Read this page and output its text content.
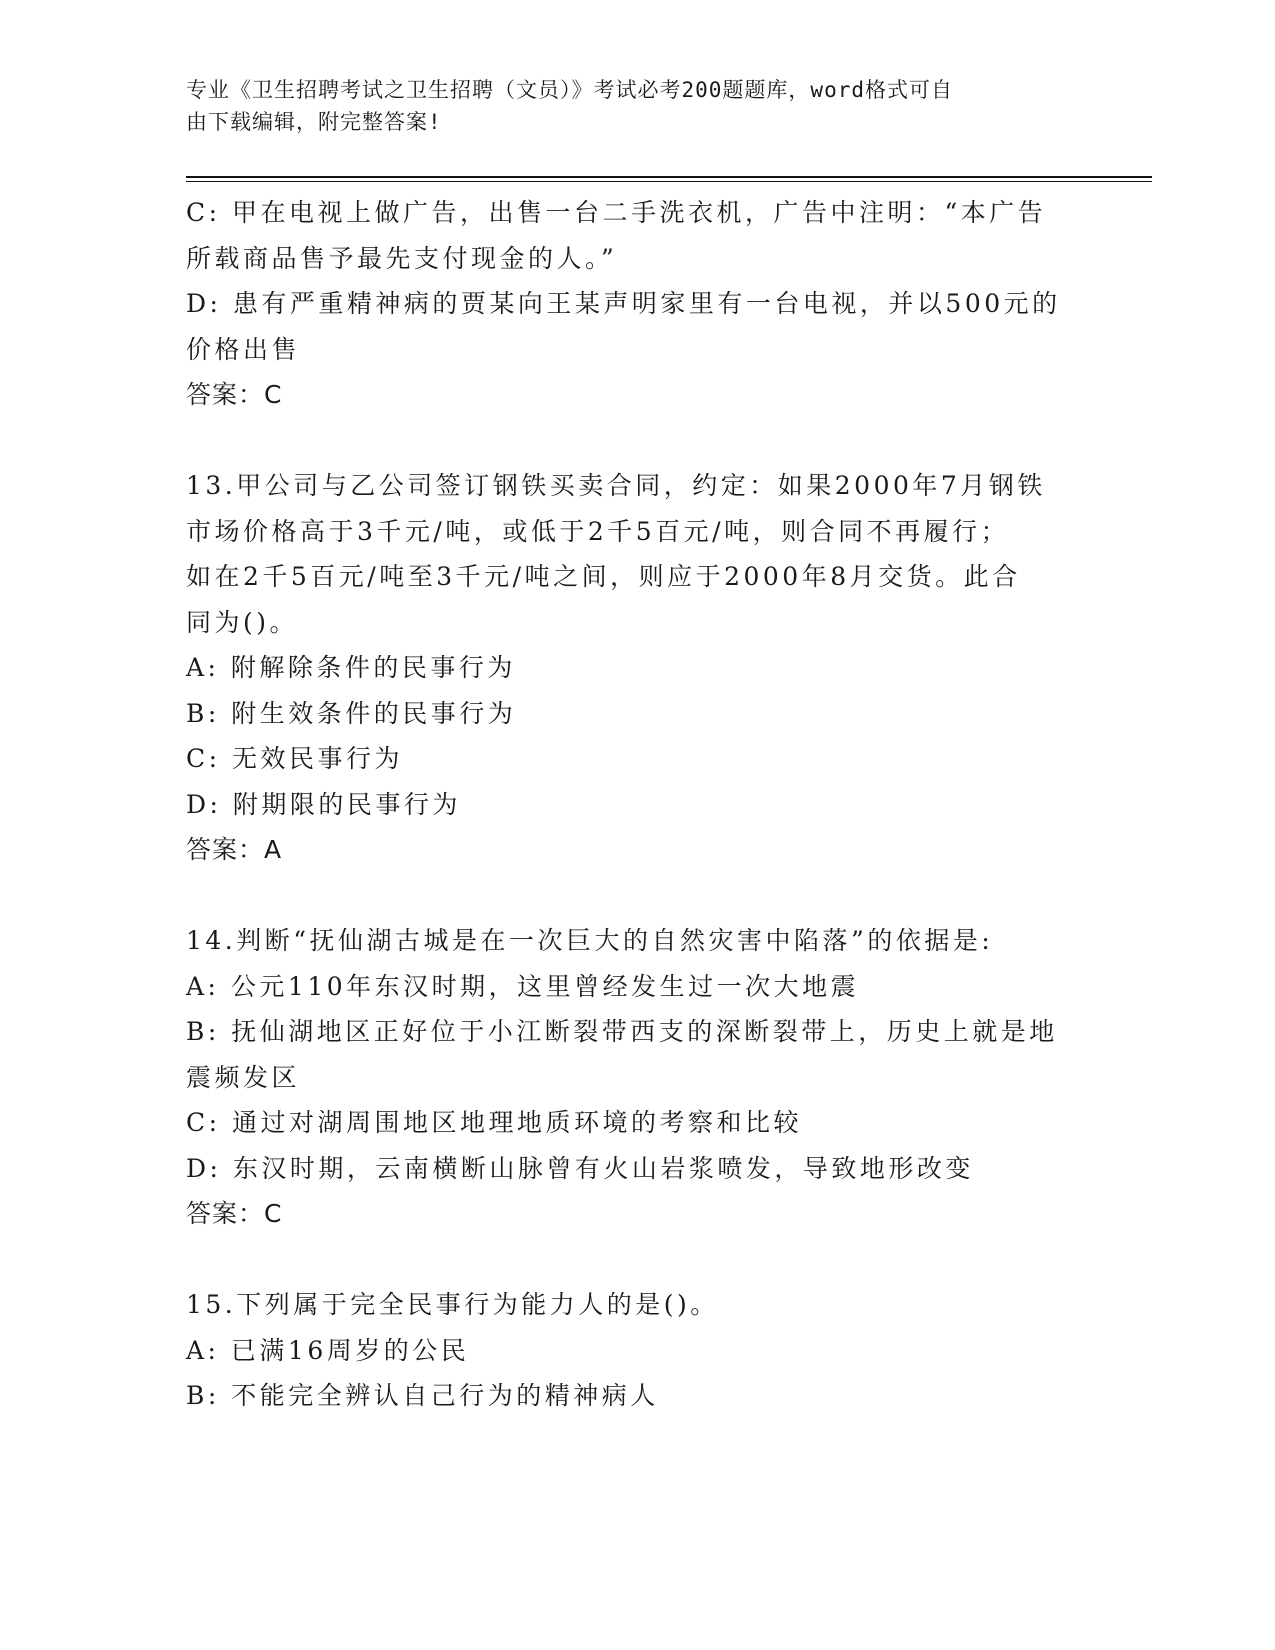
专业《卫生招聘考试之卫生招聘（文员）》考试必考200题题库，word格式可自
由下载编辑，附完整答案!
C: 甲在电视上做广告，出售一台二手洗衣机，广告中注明：“本广告
所载商品售予最先支付现金的人。”
D: 患有严重精神病的贾某向王某声明家里有一台电视，并以500元的
价格出售
答案：C
13.甲公司与乙公司签订钢铁买卖合同，约定：如果2000年7月钢铁
市场价格高于3千元/吨，或低于2千5百元/吨，则合同不再履行；
如在2千5百元/吨至3千元/吨之间，则应于2000年8月交货。此合
同为()。
A: 附解除条件的民事行为
B: 附生效条件的民事行为
C: 无效民事行为
D: 附期限的民事行为
答案：A
14.判断“抚仙湖古城是在一次巨大的自然灾害中陷落”的依据是:
A: 公元110年东汉时期，这里曾经发生过一次大地震
B: 抚仙湖地区正好位于小江断裂带西支的深断裂带上，历史上就是地
震频发区
C: 通过对湖周围地区地理地质环境的考察和比较
D: 东汉时期，云南横断山脉曾有火山岩浆喷发，导致地形改变
答案：C
15.下列属于完全民事行为能力人的是()。
A: 已满16周岁的公民
B: 不能完全辨认自己行为的精神病人
